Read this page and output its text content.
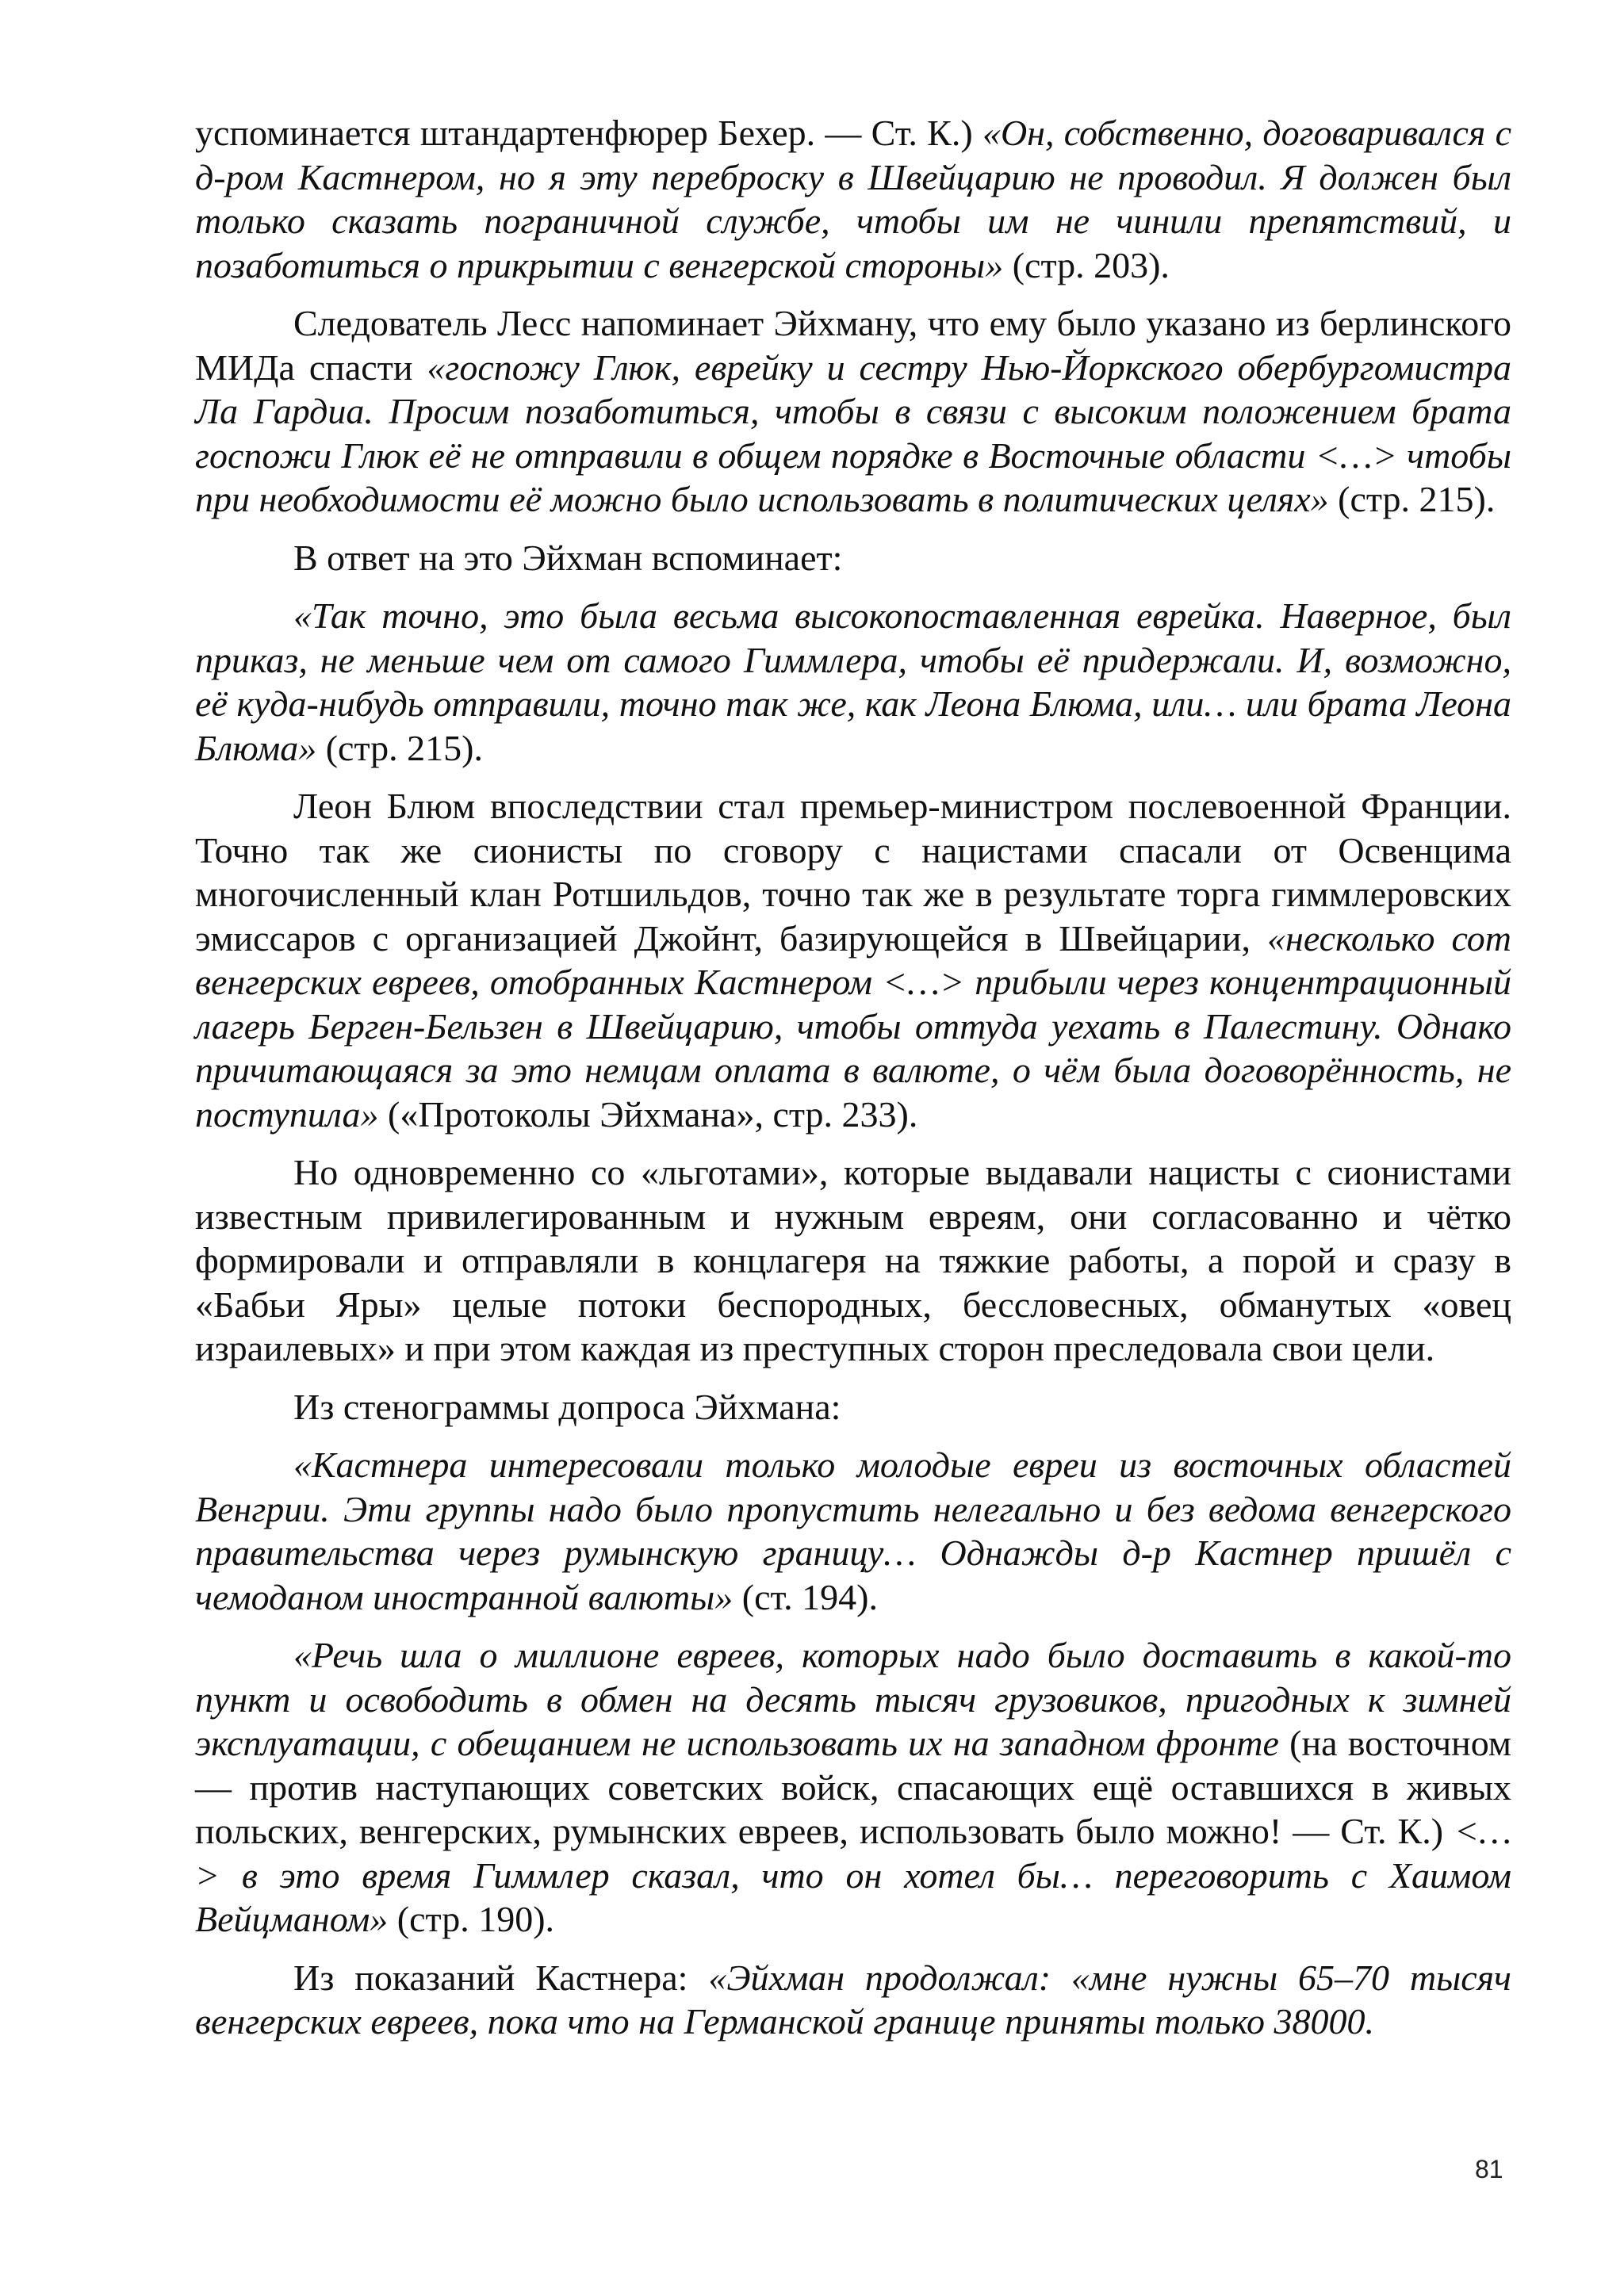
успоминается штандартенфюрер Бехер. — Ст. К.) «Он, собственно, договаривался с д-ром Кастнером, но я эту переброску в Швейцарию не проводил. Я должен был только сказать пограничной службе, чтобы им не чинили препятствий, и позаботиться о прикрытии с венгерской стороны» (стр. 203).

Следователь Лесс напоминает Эйхману, что ему было указано из берлинского МИДа спасти «госпожу Глюк, еврейку и сестру Нью-Йоркского обербургомистра Ла Гардиа. Просим позаботиться, чтобы в связи с высоким положением брата госпожи Глюк её не отправили в общем порядке в Восточные области <…> чтобы при необходимости её можно было использовать в политических целях» (стр. 215).

В ответ на это Эйхман вспоминает:

«Так точно, это была весьма высокопоставленная еврейка. Наверное, был приказ, не меньше чем от самого Гиммлера, чтобы её придержали. И, возможно, её куда-нибудь отправили, точно так же, как Леона Блюма, или… или брата Леона Блюма» (стр. 215).

Леон Блюм впоследствии стал премьер-министром послевоенной Франции. Точно так же сионисты по сговору с нацистами спасали от Освенцима многочисленный клан Ротшильдов, точно так же в результате торга гиммлеровских эмиссаров с организацией Джойнт, базирующейся в Швейцарии, «несколько сот венгерских евреев, отобранных Кастнером <…> прибыли через концентрационный лагерь Берген-Бельзен в Швейцарию, чтобы оттуда уехать в Палестину. Однако причитающаяся за это немцам оплата в валюте, о чём была договорённость, не поступила» («Протоколы Эйхмана», стр. 233).

Но одновременно со «льготами», которые выдавали нацисты с сионистами известным привилегированным и нужным евреям, они согласованно и чётко формировали и отправляли в концлагеря на тяжкие работы, а порой и сразу в «Бабьи Яры» целые потоки беспородных, бессловесных, обманутых «овец израилевых» и при этом каждая из преступных сторон преследовала свои цели.

Из стенограммы допроса Эйхмана:

«Кастнера интересовали только молодые евреи из восточных областей Венгрии. Эти группы надо было пропустить нелегально и без ведома венгерского правительства через румынскую границу… Однажды д-р Кастнер пришёл с чемоданом иностранной валюты» (ст. 194).

«Речь шла о миллионе евреев, которых надо было доставить в какой-то пункт и освободить в обмен на десять тысяч грузовиков, пригодных к зимней эксплуатации, с обещанием не использовать их на западном фронте (на восточном — против наступающих советских войск, спасающих ещё оставшихся в живых польских, венгерских, румынских евреев, использовать было можно! — Ст. К.) <…> в это время Гиммлер сказал, что он хотел бы… переговорить с Хаимом Вейцманом» (стр. 190).

Из показаний Кастнера: «Эйхман продолжал: «мне нужны 65–70 тысяч венгерских евреев, пока что на Германской границе приняты только 38000.

81
